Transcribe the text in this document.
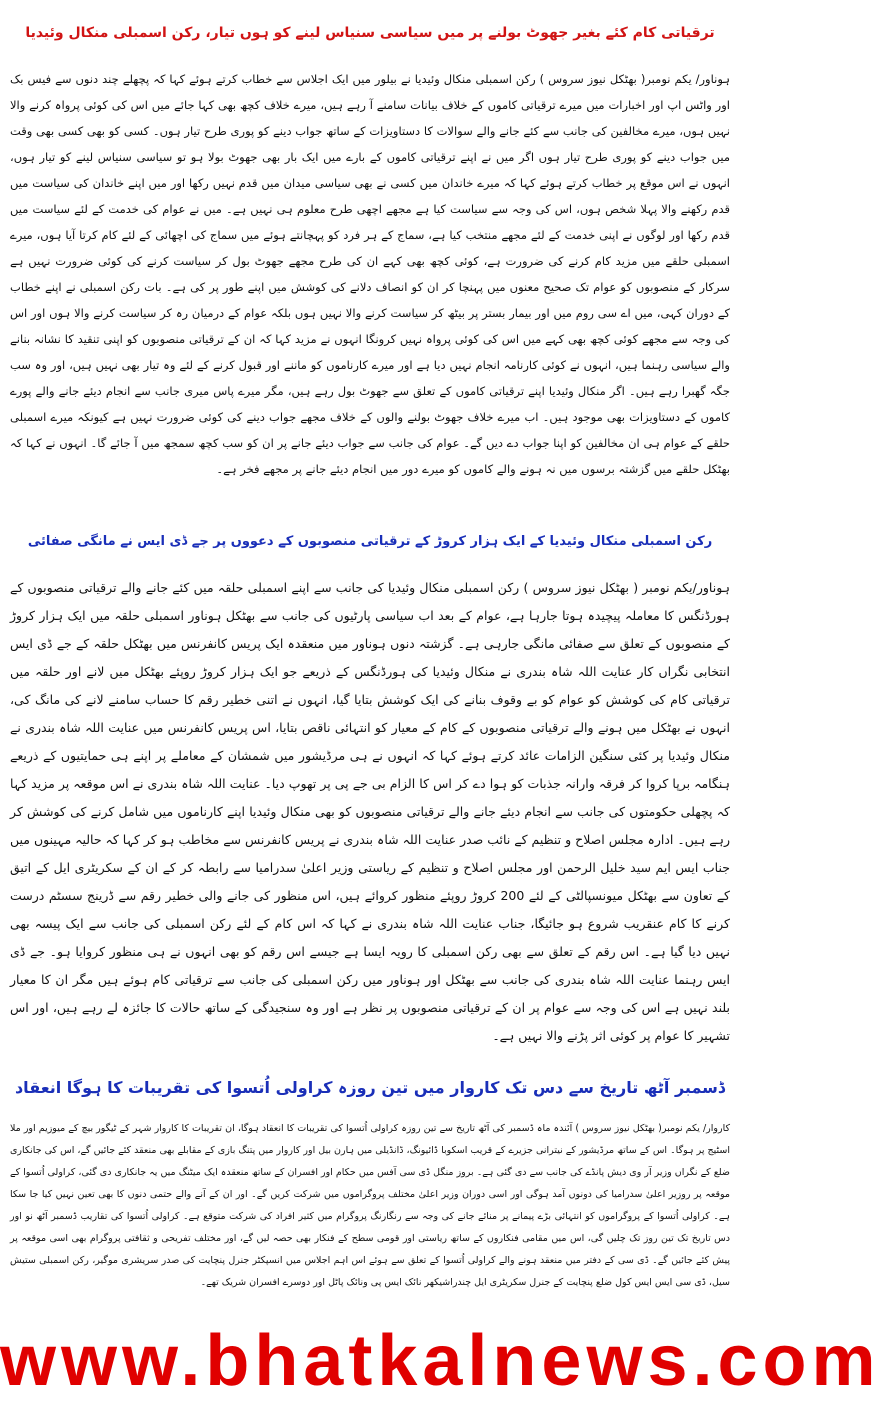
ترقیاتی کام کئے بغیر جھوٹ بولنے پر میں سیاسی سنیاس لینے کو ہوں تیار، رکن اسمبلی منکال وئیدیا

ہوناور/ یکم نومبر( بھٹکل نیوز سروس ) رکن اسمبلی منکال وئیدیا نے بیلور میں ایک اجلاس سے خطاب کرتے ہوئے کہا کہ پچھلے چند دنوں سے فیس بک اور واٹس اپ اور اخبارات میں میرے ترقیاتی کاموں کے خلاف بیانات سامنے آ رہے ہیں، میرے خلاف کچھ بھی کہا جائے میں اس کی کوئی پرواہ کرنے والا نہیں ہوں، میرے مخالفین کی جانب سے کئے جانے والے سوالات کا دستاویزات کے ساتھ جواب دینے کو پوری طرح تیار ہوں۔ کسی کو بھی کسی بھی وقت میں جواب دینے کو پوری طرح تیار ہوں اگر میں نے اپنے ترقیاتی کاموں کے بارے میں ایک بار بھی جھوٹ بولا ہو تو سیاسی سنیاس لینے کو تیار ہوں، انہوں نے اس موقع پر خطاب کرتے ہوئے کہا کہ میرے خاندان میں کسی نے بھی سیاسی میدان میں قدم نہیں رکھا اور میں اپنے خاندان کی سیاست میں قدم رکھنے والا پہلا شخص ہوں، اس کی وجہ سے سیاست کیا ہے مجھے اچھی طرح معلوم ہی نہیں ہے۔ میں نے عوام کی خدمت کے لئے سیاست میں قدم رکھا اور لوگوں نے اپنی خدمت کے لئے مجھے منتخب کیا ہے، سماج کے ہر فرد کو پہچانتے ہوئے میں سماج کی اچھائی کے لئے کام کرتا آیا ہوں، میرے اسمبلی حلقے میں مزید کام کرنے کی ضرورت ہے، کوئی کچھ بھی کہے ان کی طرح مجھے جھوٹ بول کر سیاست کرنے کی کوئی ضرورت نہیں ہے سرکار کے منصوبوں کو عوام تک صحیح معنوں میں پہنچا کر ان کو انصاف دلانے کی کوشش میں اپنے طور پر کی ہے۔ بات رکن اسمبلی نے اپنے خطاب کے دوران کہی، میں اے سی روم میں اور بیمار بستر پر بیٹھ کر سیاست کرنے والا نہیں ہوں بلکہ عوام کے درمیان رہ کر سیاست کرنے والا ہوں اور اس کی وجہ سے مجھے کوئی کچھ بھی کہے میں اس کی کوئی پرواہ نہیں کرونگا انہوں نے مزید کہا کہ ان کے ترقیاتی منصوبوں کو اپنی تنقید کا نشانہ بنانے والے سیاسی رہنما ہیں، انہوں نے کوئی کارنامہ انجام نہیں دیا ہے اور میرے کارناموں کو ماننے اور قبول کرنے کے لئے وہ تیار بھی نہیں ہیں، اور وہ سب جگہ گھبرا رہے ہیں۔ اگر منکال وئیدیا اپنے ترقیاتی کاموں کے تعلق سے جھوٹ بول رہے ہیں، مگر میرے پاس میری جانب سے انجام دیئے جانے والے پورے کاموں کے دستاویزات بھی موجود ہیں۔ اب میرے خلاف جھوٹ بولنے والوں کے خلاف مجھے جواب دینے کی کوئی ضرورت نہیں ہے کیونکہ میرے اسمبلی حلقے کے عوام ہی ان مخالفین کو اپنا جواب دے دیں گے۔ عوام کی جانب سے جواب دیئے جانے پر ان کو سب کچھ سمجھ میں آ جائے گا۔ انہوں نے کہا کہ بھٹکل حلقے میں گزشتہ برسوں میں نہ ہونے والے کاموں کو میرے دور میں انجام دیئے جانے پر مجھے فخر ہے۔

رکن اسمبلی منکال وئیدیا کے ایک ہزار کروڑ کے ترقیاتی منصوبوں کے دعووں پر جے ڈی ایس نے مانگی صفائی

ہوناور/یکم نومبر ( بھٹکل نیوز سروس ) رکن اسمبلی منکال وئیدیا کی جانب سے اپنے اسمبلی حلقہ میں کئے جانے والے ترقیاتی منصوبوں کے ہورڈنگس کا معاملہ پیچیدہ ہوتا جارہا ہے، عوام کے بعد اب سیاسی پارٹیوں کی جانب سے بھٹکل ہوناور اسمبلی حلقہ میں ایک ہزار کروڑ کے منصوبوں کے تعلق سے صفائی مانگی جارہی ہے۔ گزشتہ دنوں ہوناور میں منعقدہ ایک پریس کانفرنس میں بھٹکل حلقہ کے جے ڈی ایس انتخابی نگراں کار عنایت اللہ شاہ بندری نے منکال وئیدیا کی ہورڈنگس کے ذریعے جو ایک ہزار کروڑ روپئے بھٹکل میں لانے اور حلقہ میں ترقیاتی کام کی کوشش کو عوام کو بے وقوف بنانے کی ایک کوشش بتایا گیا، انہوں نے اتنی خطیر رقم کا حساب سامنے لانے کی مانگ کی، انہوں نے بھٹکل میں ہونے والے ترقیاتی منصوبوں کے کام کے معیار کو انتہائی ناقص بتایا، اس پریس کانفرنس میں عنایت اللہ شاہ بندری نے منکال وئیدیا پر کئی سنگین الزامات عائد کرتے ہوئے کہا کہ انہوں نے ہی مرڈیشور میں شمشان کے معاملے پر اپنے ہی حمایتیوں کے ذریعے ہنگامہ برپا کروا کر فرقہ وارانہ جذبات کو ہوا دے کر اس کا الزام بی جے پی پر تھوپ دیا۔ عنایت اللہ شاہ بندری نے اس موقعہ پر مزید کہا کہ پچھلی حکومتوں کی جانب سے انجام دیئے جانے والے ترقیاتی منصوبوں کو بھی منکال وئیدیا اپنے کارناموں میں شامل کرنے کی کوشش کر رہے ہیں۔ ادارہ مجلس اصلاح و تنظیم کے نائب صدر عنایت اللہ شاہ بندری نے پریس کانفرنس سے مخاطب ہو کر کہا کہ حالیہ مہینوں میں جناب ایس ایم سید خلیل الرحمن اور مجلس اصلاح و تنظیم کے ریاستی وزیر اعلیٰ سدرامیا سے رابطہ کر کے ان کے سکریٹری ایل کے اتیق کے تعاون سے بھٹکل میونسپالٹی کے لئے 200 کروڑ روپئے منظور کروائے ہیں، اس منظور کی جانے والی خطیر رقم سے ڈرینج سسٹم درست کرنے کا کام عنقریب شروع ہو جائیگا، جناب عنایت اللہ شاہ بندری نے کہا کہ اس کام کے لئے رکن اسمبلی کی جانب سے ایک پیسہ بھی نہیں دیا گیا ہے۔ اس رقم کے تعلق سے بھی رکن اسمبلی کا رویہ ایسا ہے جیسے اس رقم کو بھی انہوں نے ہی منظور کروایا ہو۔ جے ڈی ایس رہنما عنایت اللہ شاہ بندری کی جانب سے بھٹکل اور ہوناور میں رکن اسمبلی کی جانب سے ترقیاتی کام ہوئے ہیں مگر ان کا معیار بلند نہیں ہے اس کی وجہ سے عوام پر ان کے ترقیاتی منصوبوں پر نظر ہے اور وہ سنجیدگی کے ساتھ حالات کا جائزہ لے رہے ہیں، اور اس تشہیر کا عوام پر کوئی اثر پڑنے والا نہیں ہے۔

ڈسمبر آٹھ تاریخ سے دس تک کاروار میں تین روزہ کراولی اُتسوا کی تقریبات کا ہوگا انعقاد

کاروار/ یکم نومبر( بھٹکل نیوز سروس ) آئندہ ماہ ڈسمبر کی آٹھ تاریخ سے تین روزہ کراولی اُتسوا کی تقریبات کا انعقاد ہوگا، ان تقریبات کا کاروار شہر کے ٹیگور بیچ کے میوزیم اور ملا اسٹیج پر ہوگا۔ اس کے ساتھ مرڈیشور کے نیترانی جزیرے کے قریب اسکوبا ڈائیونگ، ڈانڈیلی میں ہارن بیل اور کاروار میں پتنگ بازی کے مقابلے بھی منعقد کئے جائیں گے، اس کی جانکاری ضلع کے نگراں وزیر آر وی دیش پانڈے کی جانب سے دی گئی ہے۔ بروز منگل ڈی سی آفس میں حکام اور افسران کے ساتھ منعقدہ ایک میٹنگ میں یہ جانکاری دی گئی، کراولی اُتسوا کے موقعہ پر روزیر اعلیٰ سدرامیا کی دونوں آمد ہوگی اور اسی دوران وزیر اعلیٰ مختلف پروگراموں میں شرکت کریں گے۔ اور ان کے آنے والے حتمی دنوں کا بھی تعین نہیں کیا جا سکا ہے۔ کراولی اُتسوا کے پروگراموں کو انتہائی بڑے پیمانے پر منائے جانے کی وجہ سے رنگارنگ پروگرام میں کثیر افراد کی شرکت متوقع ہے۔ کراولی اُتسوا کی تقاریب ڈسمبر آٹھ نو اور دس تاریخ تک تین روز تک چلیں گی، اس میں مقامی فنکاروں کے ساتھ ریاستی اور قومی سطح کے فنکار بھی حصہ لیں گے، اور مختلف تفریحی و ثقافتی پروگرام بھی اسی موقعہ پر پیش کئے جائیں گے۔ ڈی سی کے دفتر میں منعقد ہونے والے کراولی اُتسوا کے تعلق سے ہوئے اس اہم اجلاس میں انسپکٹر جنرل پنچایت کی صدر سریشری موگیر، رکن اسمبلی ستیش سیل، ڈی سی ایس ایس کول ضلع پنچایت کے جنرل سکریٹری ایل چندراشیکھر نائک ایس پی ونائک پاٹل اور دوسرے افسران شریک تھے۔

www.bhatkalnews.com
